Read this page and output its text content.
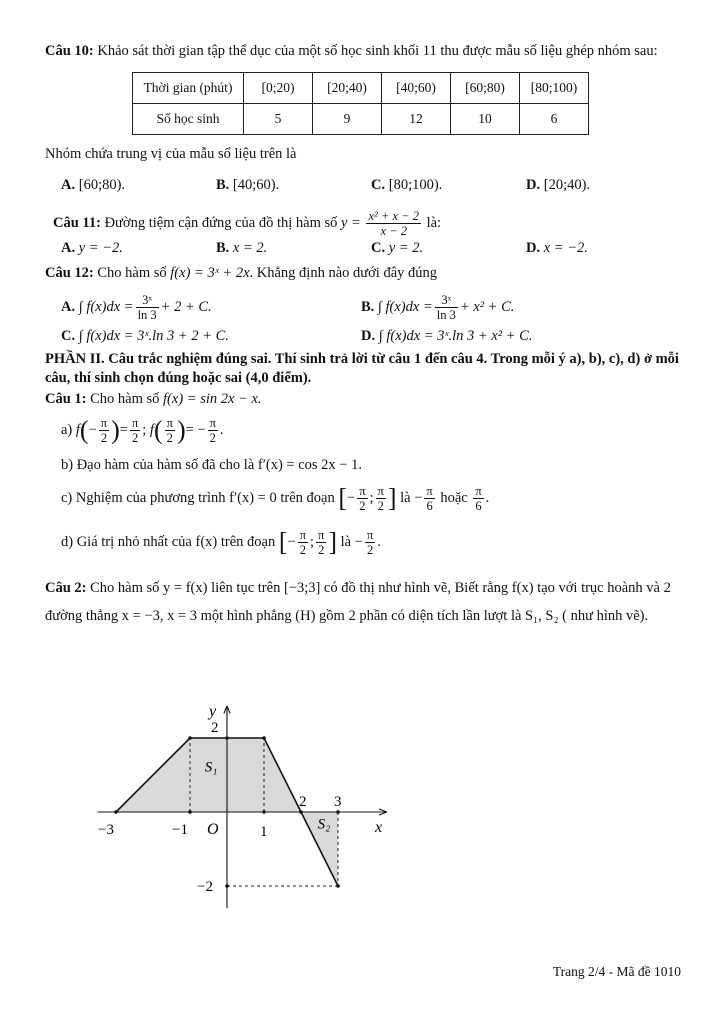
Câu 10: Khảo sát thời gian tập thể dục của một số học sinh khối 11 thu được mẫu số liệu ghép nhóm sau:

Thời gian (phút)	[0;20)	[20;40)	[40;60)	[60;80)	[80;100)
Số học sinh	5	9	12	10	6

Nhóm chứa trung vị của mẫu số liệu trên là

A. [60;80).	B. [40;60).	C. [80;100).	D. [20;40).

Câu 11: Đường tiệm cận đứng của đồ thị hàm số $y = \frac{\text{x² + x − 2}}{x - 2}$ là:

A. y = −2.	B. x = 2.	C. y = 2.	D. x = −2.

Câu 12: Cho hàm số f(x) = 3ˣ + 2x. Khẳng định nào dưới đây đúng

A. ∫ $f(x)dx = \frac{\text{3ˣ}}{\ln 3} + 2 + C$.	B. ∫ $f(x)dx = \frac{\text{3ˣ}}{\ln 3} + x^2 + C$.
C. ∫ f(x)dx = 3ˣ.ln 3 + 2 + C.	D. ∫ f(x)dx = 3ˣ.ln 3 + x² + C.

PHẦN II. Câu trắc nghiệm đúng sai. Thí sinh trả lời từ câu 1 đến câu 4. Trong mỗi ý a), b), c), d) ở mỗi câu, thí sinh chọn đúng hoặc sai (4,0 điểm).

Câu 1: Cho hàm số f(x) = sin 2x − x.

a) $f(- \frac{\pi}{2}$ )= $\frac{\pi}{2}$ ; $f( \frac{\pi}{2}$ )= − $\frac{\pi}{2}$ .

b) Đạo hàm của hàm số đã cho là f′(x) = cos 2x − 1.

c) Nghiệm của phương trình f′(x) = 0 trên đoạn [− $\frac{\pi}{2}$ ; $\frac{\pi}{2}$ ] là − $\frac{\pi}{6}$ hoặc $\frac{\pi}{6}$ .

d) Giá trị nhỏ nhất của f(x) trên đoạn [− $\frac{\pi}{2}$ ; $\frac{\pi}{2}$ ] là − $\frac{\pi}{2}$ .

Câu 2: Cho hàm số y = f(x) liên tục trên [−3;3] có đồ thị như hình vẽ, Biết rằng f(x) tạo với trục hoành và 2 đường thẳng x = −3, x = 3 một hình phẳng (H) gồm 2 phần có diện tích lần lượt là S₁, S₂ ( như hình vẽ).

y
x
O
−3	−1	1
2 3
2
−2
S₁
S₂
Trang 2/4 - Mã đề 1010
